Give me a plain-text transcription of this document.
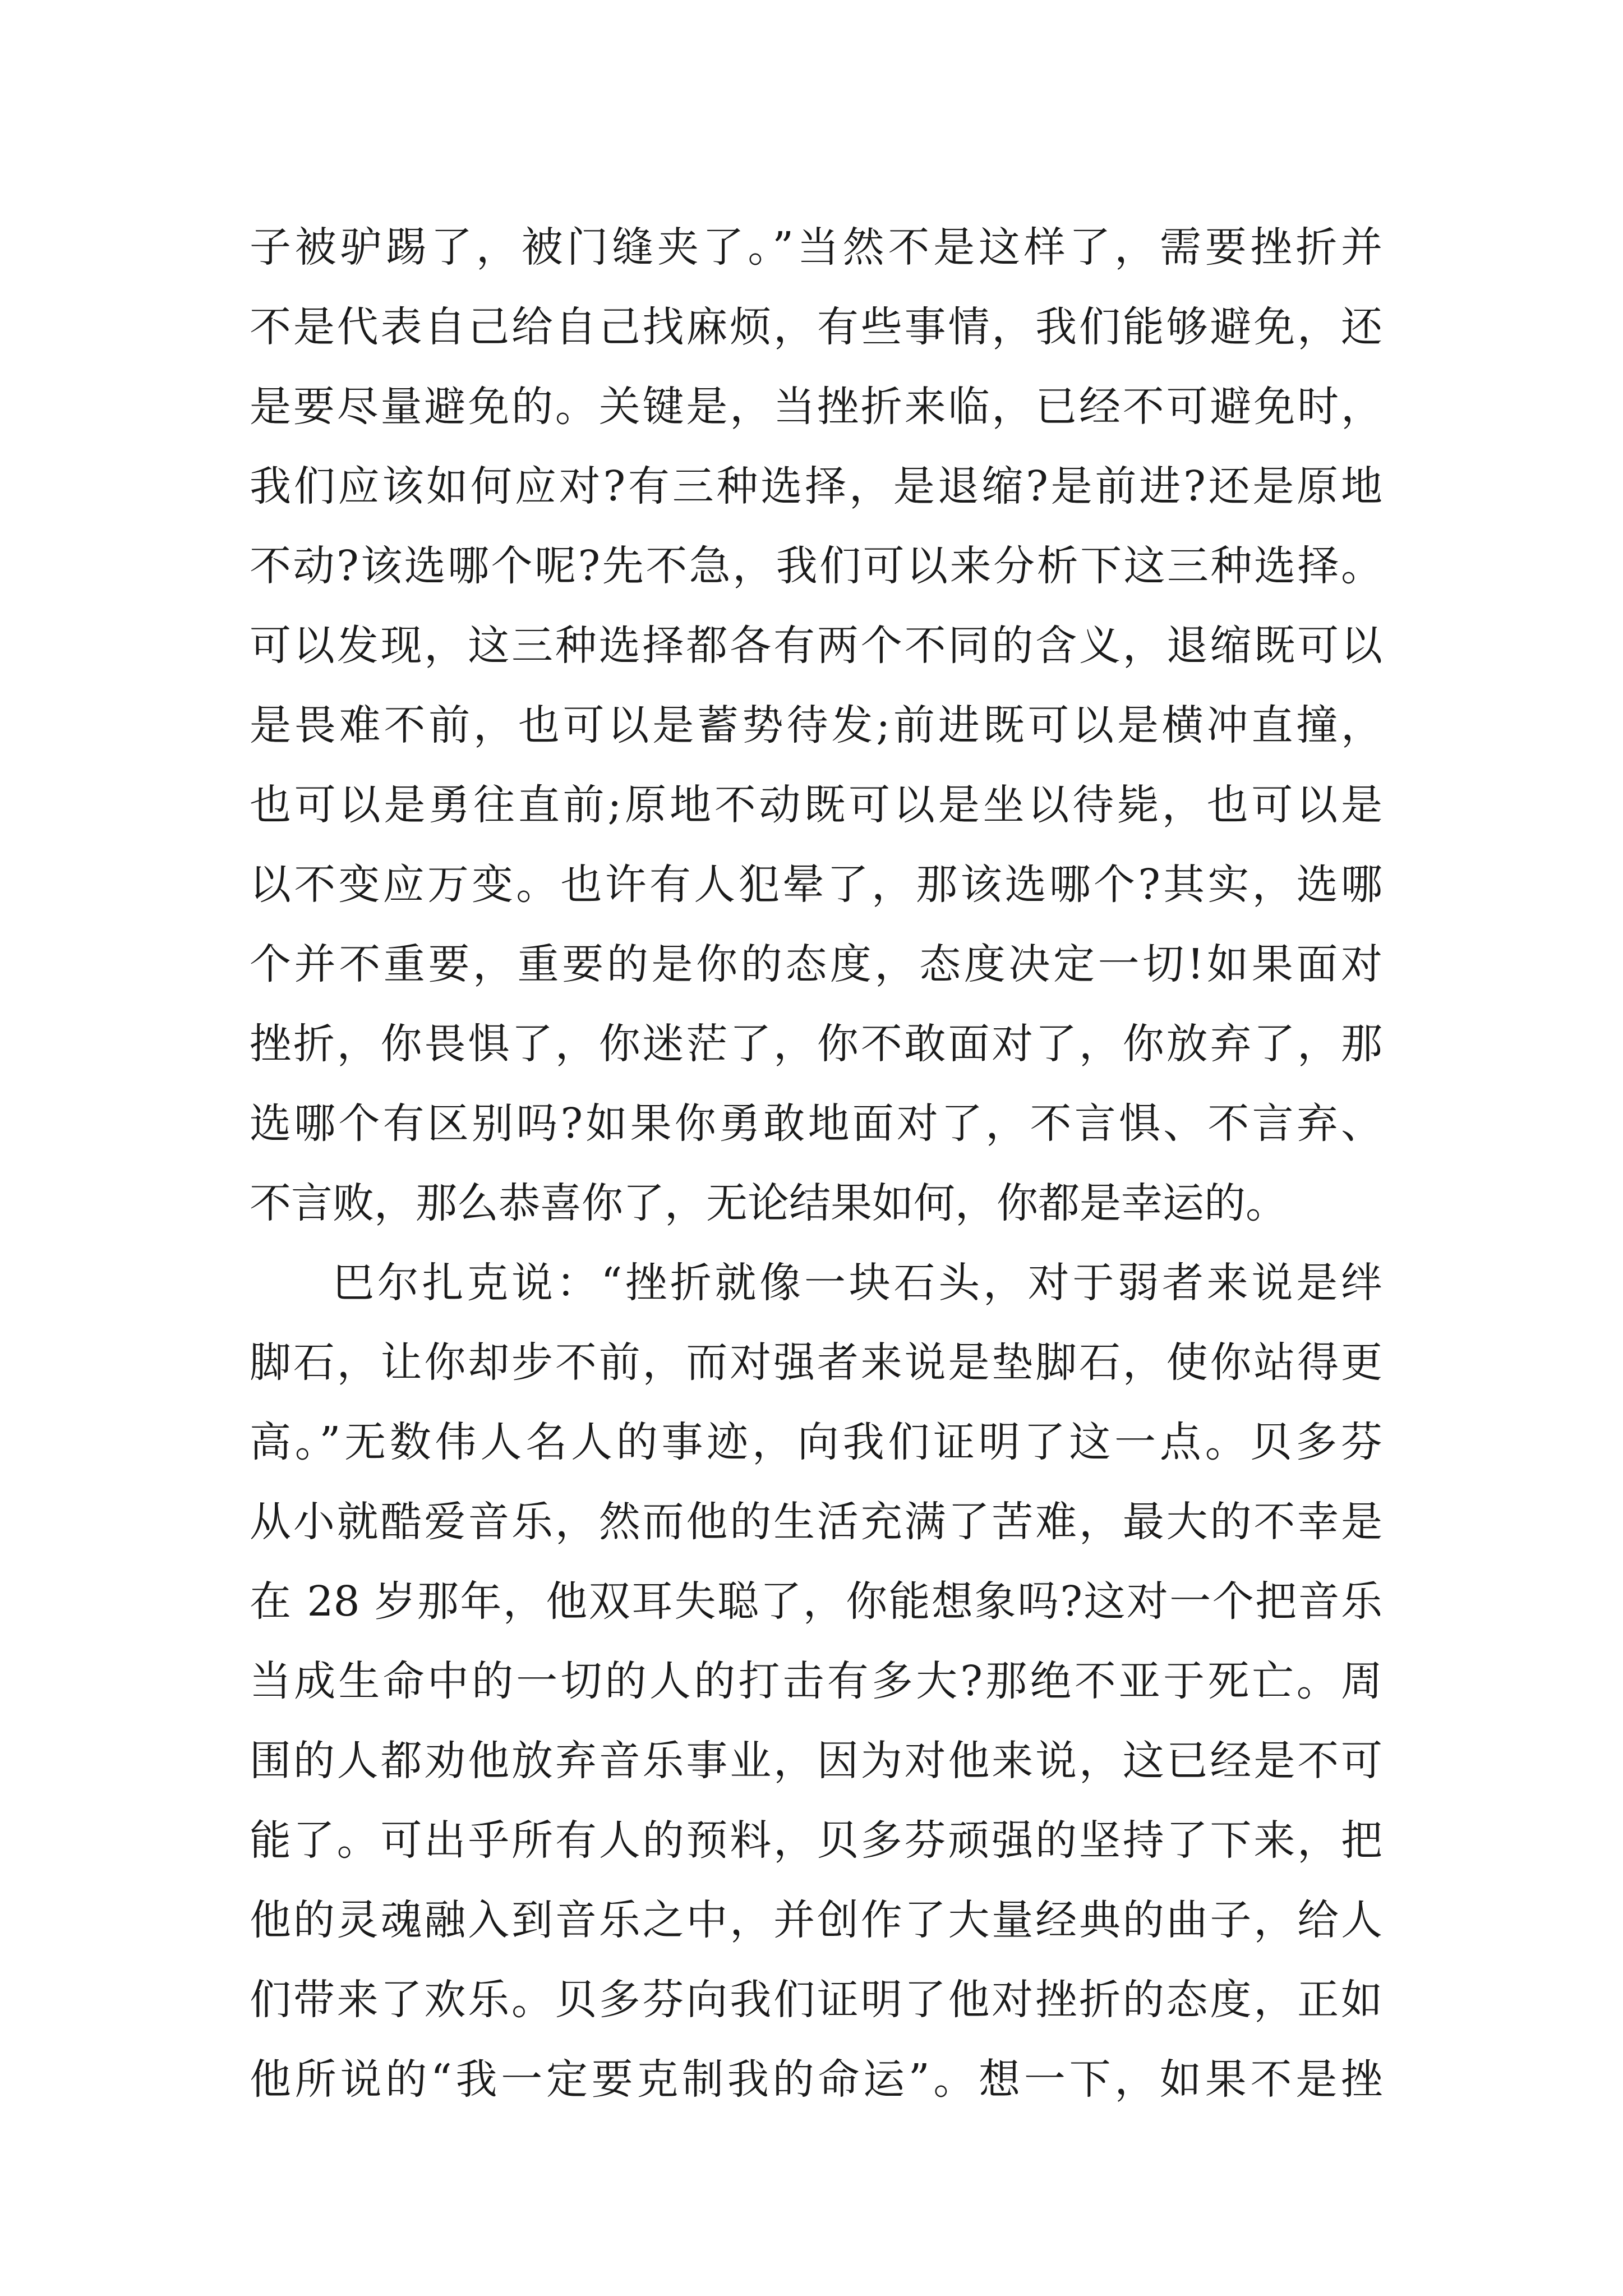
子被驴踢了，被门缝夹了。”当然不是这样了，需要挫折并
不是代表自己给自己找麻烦，有些事情，我们能够避免，还
是要尽量避免的。关键是，当挫折来临，已经不可避免时，
我们应该如何应对?有三种选择，是退缩?是前进?还是原地
不动?该选哪个呢?先不急，我们可以来分析下这三种选择。
可以发现，这三种选择都各有两个不同的含义，退缩既可以
是畏难不前，也可以是蓄势待发;前进既可以是横冲直撞，
也可以是勇往直前;原地不动既可以是坐以待毙，也可以是
以不变应万变。也许有人犯晕了，那该选哪个?其实，选哪
个并不重要，重要的是你的态度，态度决定一切!如果面对
挫折，你畏惧了，你迷茫了，你不敢面对了，你放弃了，那
选哪个有区别吗?如果你勇敢地面对了，不言惧、不言弃、
不言败，那么恭喜你了，无论结果如何，你都是幸运的。
巴尔扎克说：“挫折就像一块石头，对于弱者来说是绊
脚石，让你却步不前，而对强者来说是垫脚石，使你站得更
高。”无数伟人名人的事迹，向我们证明了这一点。贝多芬
从小就酷爱音乐，然而他的生活充满了苦难，最大的不幸是
在 28 岁那年，他双耳失聪了，你能想象吗?这对一个把音乐
当成生命中的一切的人的打击有多大?那绝不亚于死亡。周
围的人都劝他放弃音乐事业，因为对他来说，这已经是不可
能了。可出乎所有人的预料，贝多芬顽强的坚持了下来，把
他的灵魂融入到音乐之中，并创作了大量经典的曲子，给人
们带来了欢乐。贝多芬向我们证明了他对挫折的态度，正如
他所说的“我一定要克制我的命运”。想一下，如果不是挫
